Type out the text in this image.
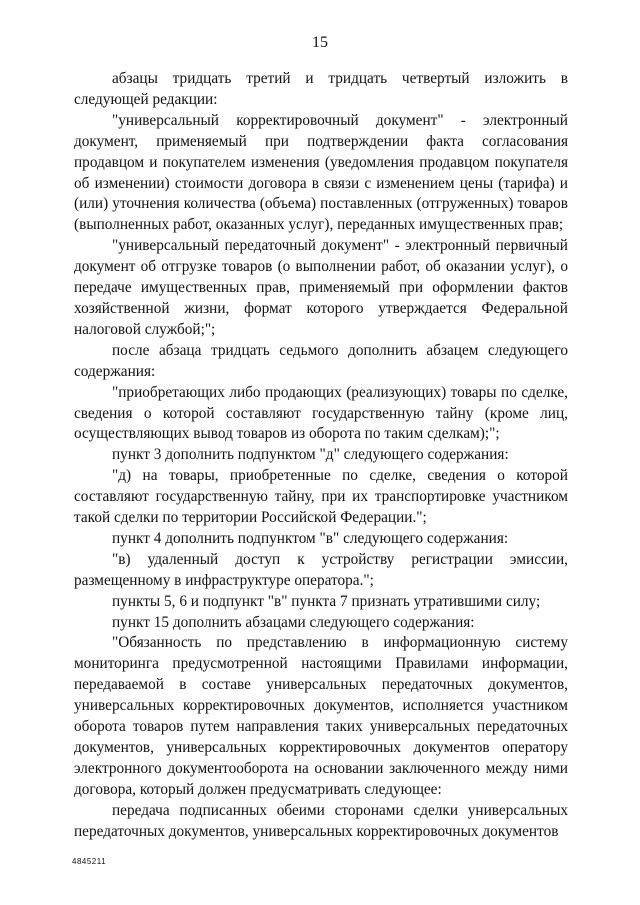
15

абзацы тридцать третий и тридцать четвертый изложить в следующей редакции:

"универсальный корректировочный документ" - электронный документ, применяемый при подтверждении факта согласования продавцом и покупателем изменения (уведомления продавцом покупателя об изменении) стоимости договора в связи с изменением цены (тарифа) и (или) уточнения количества (объема) поставленных (отгруженных) товаров (выполненных работ, оказанных услуг), переданных имущественных прав;

"универсальный передаточный документ" - электронный первичный документ об отгрузке товаров (о выполнении работ, об оказании услуг), о передаче имущественных прав, применяемый при оформлении фактов хозяйственной жизни, формат которого утверждается Федеральной налоговой службой;";

после абзаца тридцать седьмого дополнить абзацем следующего содержания:

"приобретающих либо продающих (реализующих) товары по сделке, сведения о которой составляют государственную тайну (кроме лиц, осуществляющих вывод товаров из оборота по таким сделкам);";

пункт 3 дополнить подпунктом "д" следующего содержания:

"д) на товары, приобретенные по сделке, сведения о которой составляют государственную тайну, при их транспортировке участником такой сделки по территории Российской Федерации.";

пункт 4 дополнить подпунктом "в" следующего содержания:

"в) удаленный доступ к устройству регистрации эмиссии, размещенному в инфраструктуре оператора.";

пункты 5, 6 и подпункт "в" пункта 7 признать утратившими силу;

пункт 15 дополнить абзацами следующего содержания:

"Обязанность по представлению в информационную систему мониторинга предусмотренной настоящими Правилами информации, передаваемой в составе универсальных передаточных документов, универсальных корректировочных документов, исполняется участником оборота товаров путем направления таких универсальных передаточных документов, универсальных корректировочных документов оператору электронного документооборота на основании заключенного между ними договора, который должен предусматривать следующее:

передача подписанных обеими сторонами сделки универсальных передаточных документов, универсальных корректировочных документов

4845211
